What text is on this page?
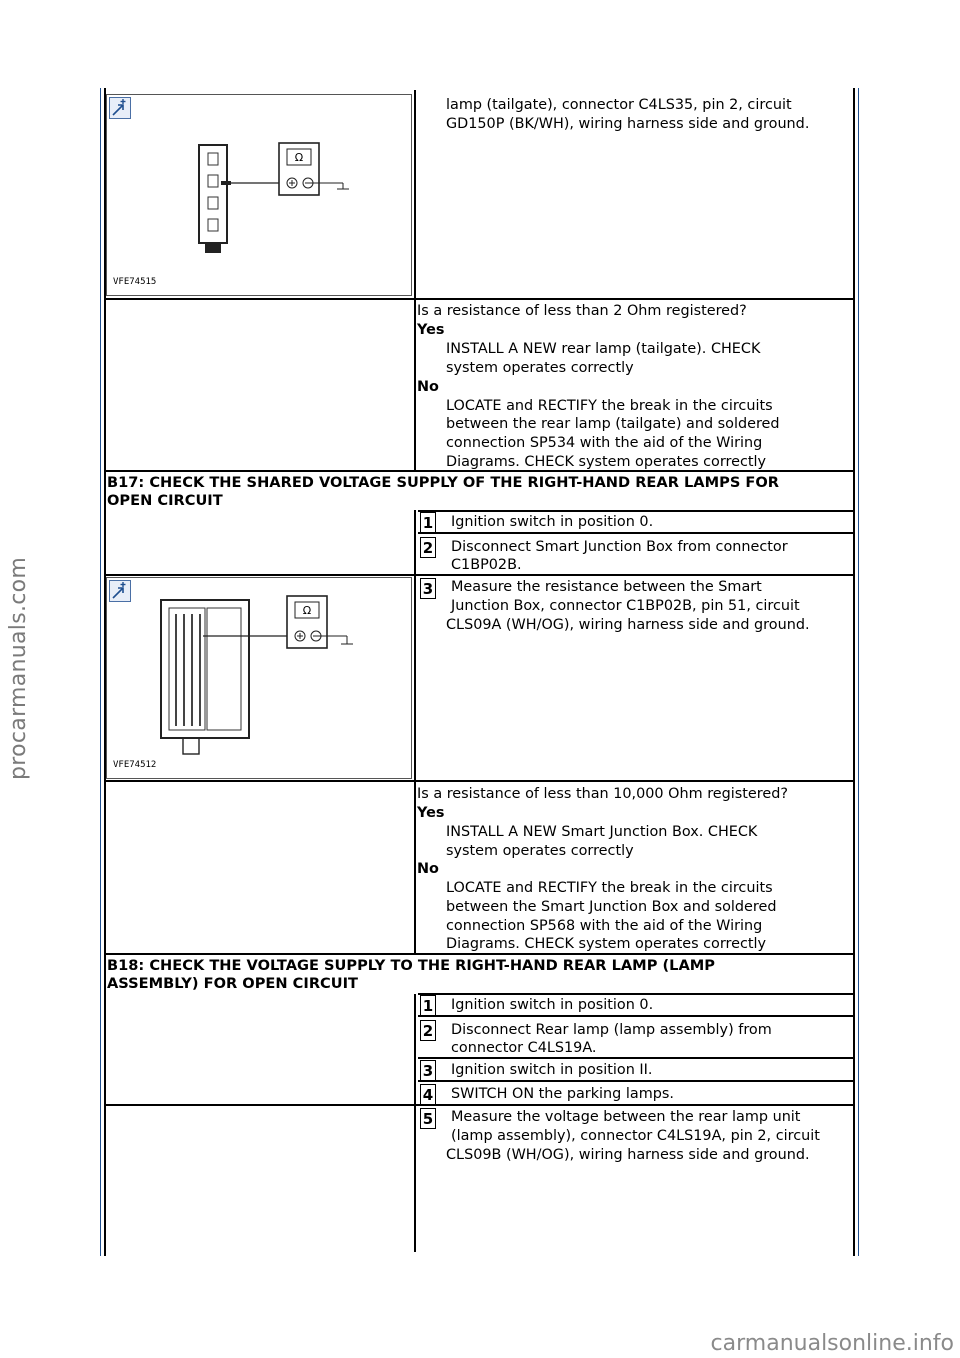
procarmanuals.com
carmanualsonline.info
Ω
VFE74515
lamp (tailgate), connector C4LS35, pin 2, circuit
GD150P (BK/WH), wiring harness side and ground.
Is a resistance of less than 2 Ohm registered?
Yes
INSTALL A NEW rear lamp (tailgate). CHECK
system operates correctly
No
LOCATE and RECTIFY the break in the circuits
between the rear lamp (tailgate) and soldered
connection SP534 with the aid of the Wiring
Diagrams. CHECK system operates correctly
B17: CHECK THE SHARED VOLTAGE SUPPLY OF THE RIGHT-HAND REAR LAMPS FOR
OPEN CIRCUIT
1 Ignition switch in position 0.
2 Disconnect Smart Junction Box from connector
C1BP02B.
3 Measure the resistance between the Smart
Junction Box, connector C1BP02B, pin 51, circuit
CLS09A (WH/OG), wiring harness side and ground.
Ω
VFE74512
Is a resistance of less than 10,000 Ohm registered?
Yes
INSTALL A NEW Smart Junction Box. CHECK
system operates correctly
No
LOCATE and RECTIFY the break in the circuits
between the Smart Junction Box and soldered
connection SP568 with the aid of the Wiring
Diagrams. CHECK system operates correctly
B18: CHECK THE VOLTAGE SUPPLY TO THE RIGHT-HAND REAR LAMP (LAMP
ASSEMBLY) FOR OPEN CIRCUIT
1 Ignition switch in position 0.
2 Disconnect Rear lamp (lamp assembly) from
connector C4LS19A.
3 Ignition switch in position II.
4 SWITCH ON the parking lamps.
5 Measure the voltage between the rear lamp unit
(lamp assembly), connector C4LS19A, pin 2, circuit
CLS09B (WH/OG), wiring harness side and ground.
